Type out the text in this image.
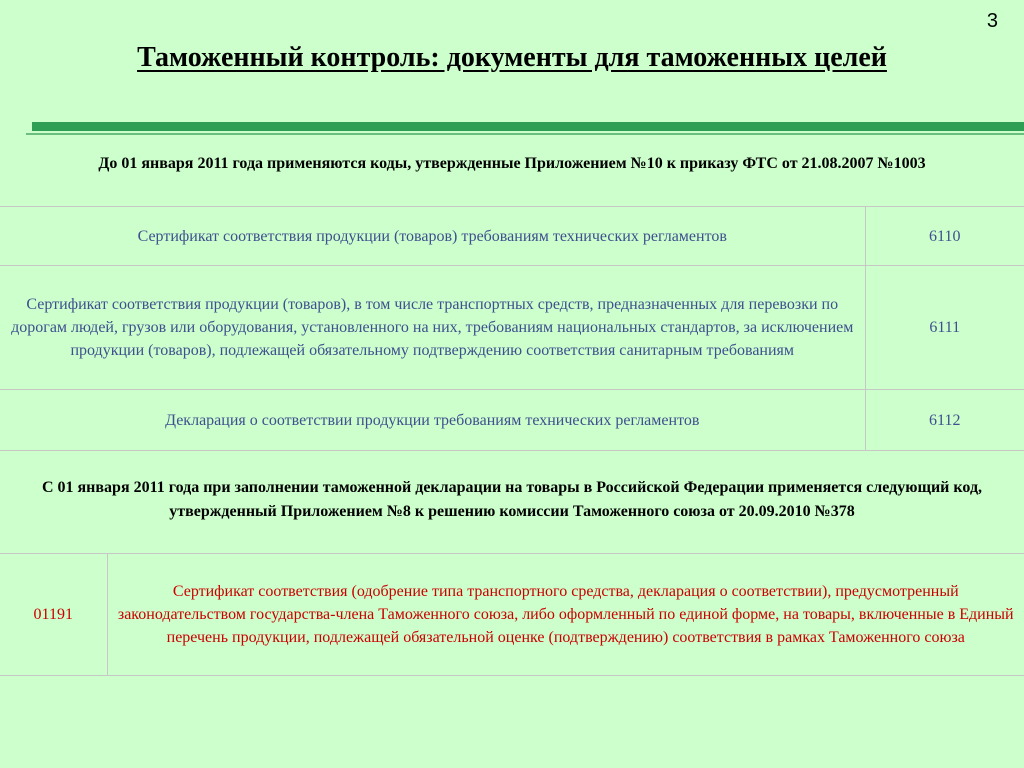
3
Таможенный контроль: документы для таможенных целей
До 01 января 2011 года применяются коды, утвержденные Приложением №10 к приказу ФТС от 21.08.2007 №1003
Сертификат соответствия продукции (товаров) требованиям технических регламентов	6110
Сертификат соответствия продукции (товаров), в том числе транспортных средств, предназначенных для перевозки по дорогам людей, грузов или оборудования, установленного на них, требованиям национальных стандартов, за исключением продукции (товаров), подлежащей обязательному подтверждению соответствия санитарным требованиям	6111
Декларация о соответствии продукции требованиям технических регламентов	6112
С 01 января 2011 года при заполнении таможенной декларации на товары в Российской Федерации применяется следующий код, утвержденный Приложением №8 к решению комиссии Таможенного союза от 20.09.2010 №378
01191	Сертификат соответствия (одобрение типа транспортного средства, декларация о соответствии), предусмотренный законодательством государства-члена Таможенного союза, либо оформленный по единой форме, на товары, включенные в Единый перечень продукции, подлежащей обязательной оценке (подтверждению) соответствия в рамках Таможенного союза
